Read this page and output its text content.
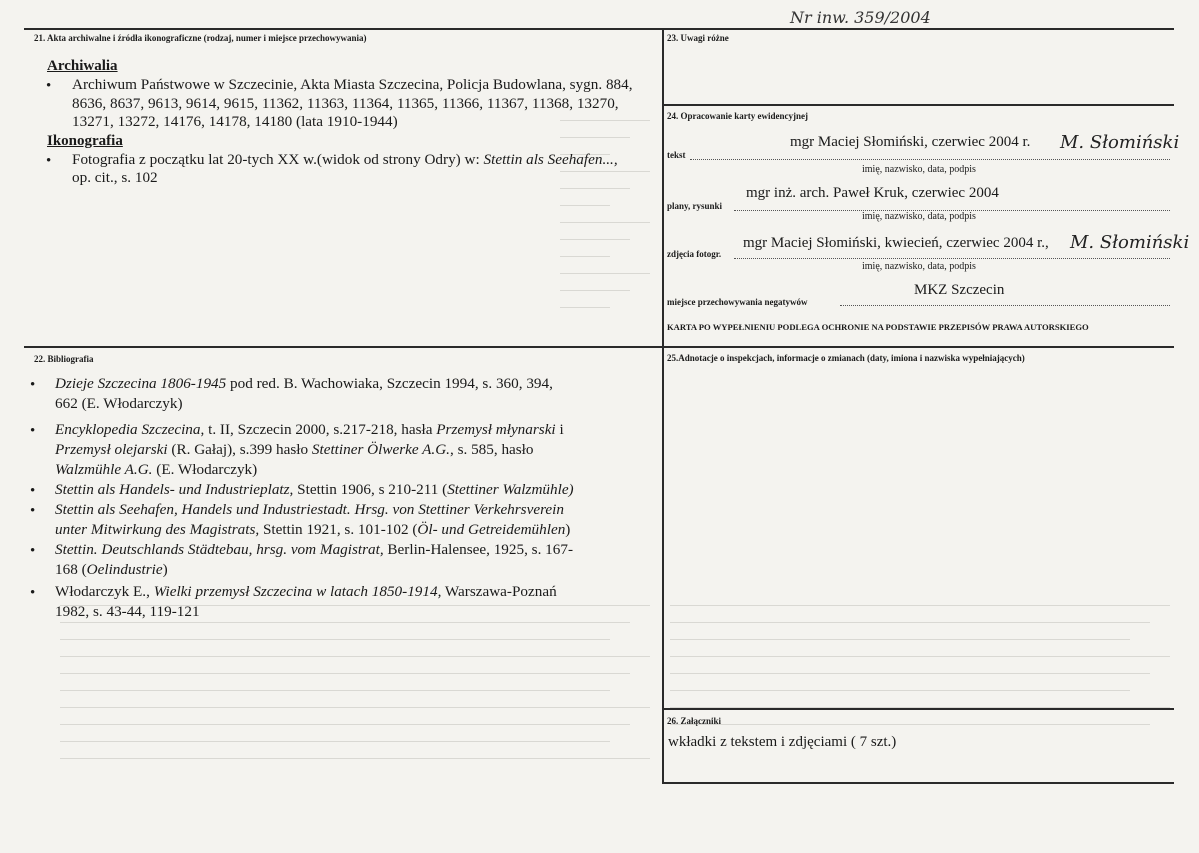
Nr inw. 359/2004
21. Akta archiwalne i źródła ikonograficzne (rodzaj, numer i miejsce przechowywania)
Archiwalia
• Archiwum Państwowe w Szczecinie, Akta Miasta Szczecina, Policja Budowlana, sygn. 884,
8636, 8637, 9613, 9614, 9615, 11362, 11363, 11364, 11365, 11366, 11367, 11368, 13270,
13271, 13272, 14176, 14178, 14180 (lata 1910-1944)
Ikonografia
• Fotografia z początku lat 20-tych XX w.(widok od strony Odry) w: Stettin als Seehafen...,
op. cit., s. 102
22. Bibliografia
• Dzieje Szczecina 1806-1945 pod red. B. Wachowiaka, Szczecin 1994, s. 360, 394,
662 (E. Włodarczyk)
• Encyklopedia Szczecina, t. II, Szczecin 2000, s.217-218, hasła Przemysł młynarski i
Przemysł olejarski (R. Gałaj), s.399 hasło Stettiner Ölwerke A.G., s. 585, hasło
Walzmühle A.G. (E. Włodarczyk)
• Stettin als Handels- und Industrieplatz, Stettin 1906, s 210-211 (Stettiner Walzmühle)
• Stettin als Seehafen, Handels und Industriestadt. Hrsg. von Stettiner Verkehrsverein
unter Mitwirkung des Magistrats, Stettin 1921, s. 101-102 (Öl- und Getreidemühlen)
• Stettin. Deutschlands Städtebau, hrsg. vom Magistrat, Berlin-Halensee, 1925, s. 167-
168 (Oelindustrie)
• Włodarczyk E., Wielki przemysł Szczecina w latach 1850-1914, Warszawa-Poznań
1982, s. 43-44, 119-121
23. Uwagi różne
24. Opracowanie karty ewidencyjnej
tekst
mgr Maciej Słomiński, czerwiec 2004 r. M. Słomiński
imię, nazwisko, data, podpis
plany, rysunki
mgr inż. arch. Paweł Kruk, czerwiec 2004
imię, nazwisko, data, podpis
zdjęcia fotogr.
mgr Maciej Słomiński, kwiecień, czerwiec 2004 r., M. Słomiński
imię, nazwisko, data, podpis
miejsce przechowywania negatywów
MKZ Szczecin
KARTA PO WYPEŁNIENIU PODLEGA OCHRONIE NA PODSTAWIE PRZEPISÓW PRAWA AUTORSKIEGO
25.Adnotacje o inspekcjach, informacje o zmianach (daty, imiona i nazwiska wypełniających)
26. Załączniki
wkładki z tekstem i zdjęciami ( 7 szt.)
